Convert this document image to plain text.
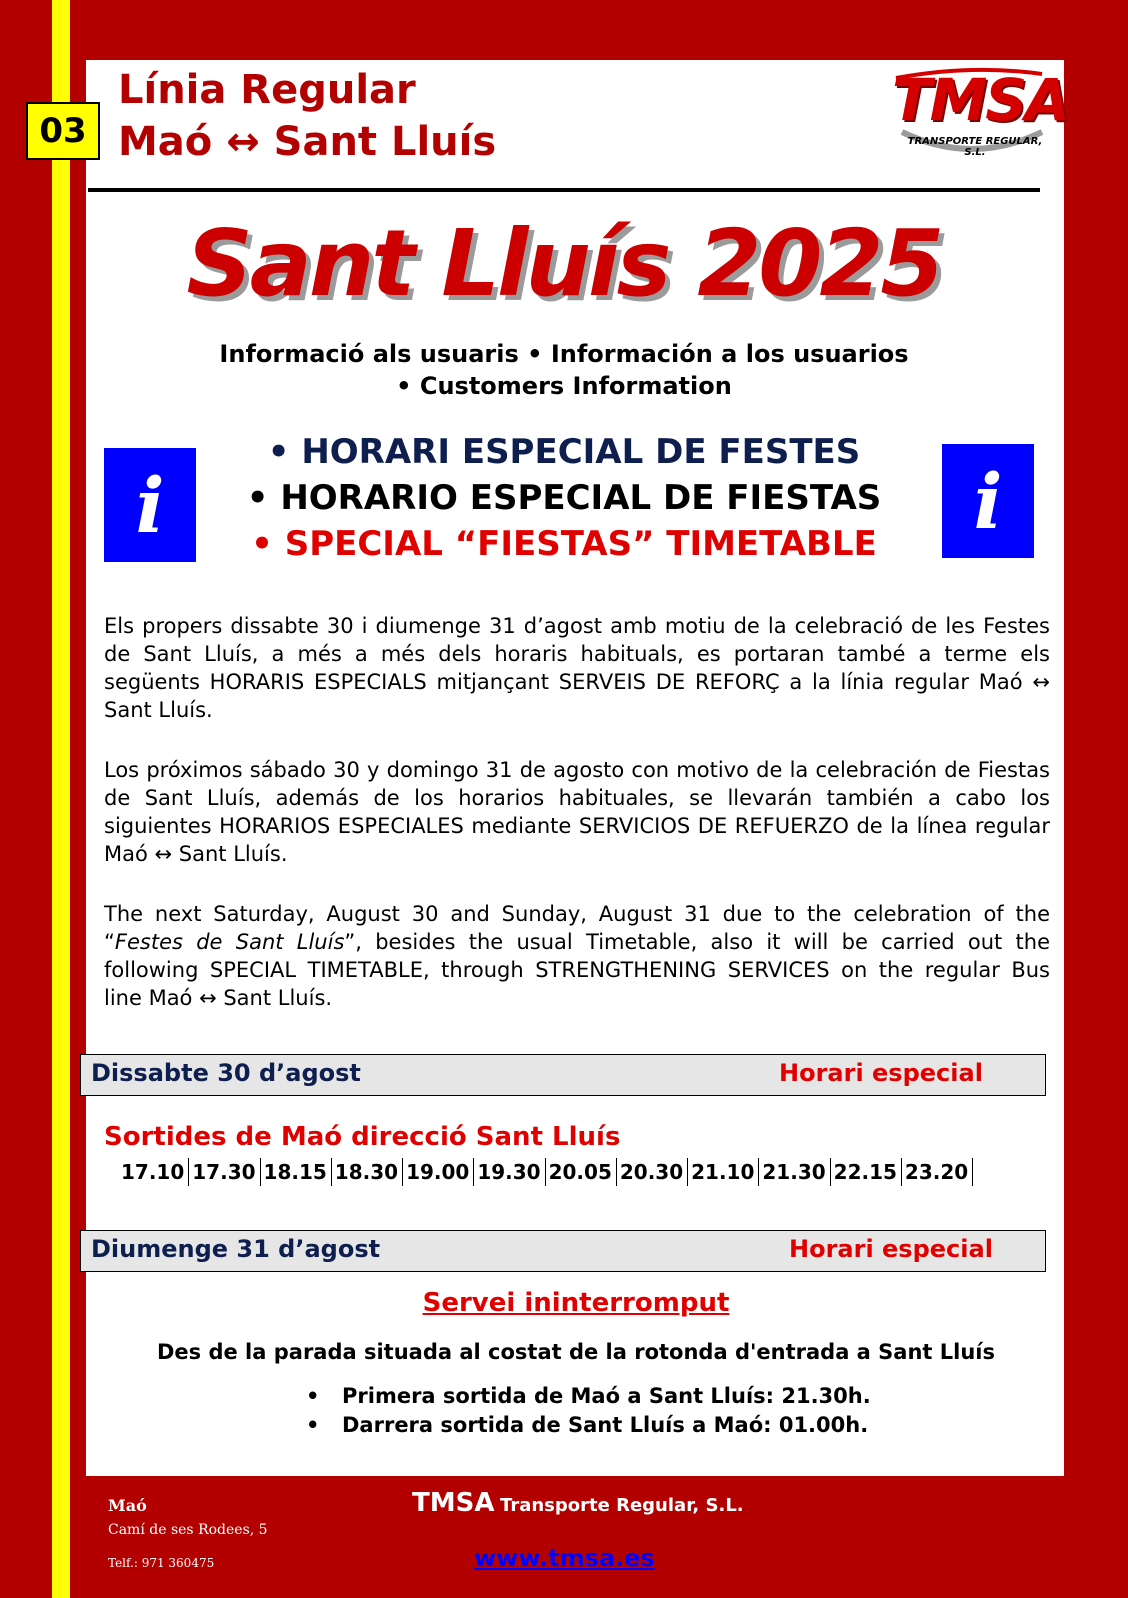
03
Línia Regular
Maó ↔ Sant Lluís
TMSA
TRANSPORTE REGULAR, S.L.
Sant Lluís 2025
Informació als usuaris • Información a los usuarios
• Customers Information
i	i
• HORARI ESPECIAL DE FESTES
• HORARIO ESPECIAL DE FIESTAS
• SPECIAL “FIESTAS” TIMETABLE

Els propers dissabte 30 i diumenge 31 d’agost amb motiu de la celebració de les Festes de Sant Lluís, a més a més dels horaris habituals, es portaran també a terme els següents HORARIS ESPECIALS mitjançant SERVEIS DE REFORÇ a la línia regular Maó ↔ Sant Lluís.

Los próximos sábado 30 y domingo 31 de agosto con motivo de la celebración de Fiestas de Sant Lluís, además de los horarios habituales, se llevarán también a cabo los siguientes HORARIOS ESPECIALES mediante SERVICIOS DE REFUERZO de la línea regular Maó ↔ Sant Lluís.

The next Saturday, August 30 and Sunday, August 31 due to the celebration of the “Festes de Sant Lluís”, besides the usual Timetable, also it will be carried out the following SPECIAL TIMETABLE, through STRENGTHENING SERVICES on the regular Bus line Maó ↔ Sant Lluís.

Dissabte 30 d’agost	Horari especial
Sortides de Maó direcció Sant Lluís
17.10 17.30 18.15 18.30 19.00 19.30 20.05 20.30 21.10 21.30 22.15 23.20
Diumenge 31 d’agost	Horari especial
Servei ininterromput
Des de la parada situada al costat de la rotonda d'entrada a Sant Lluís
• Primera sortida de Maó a Sant Lluís: 21.30h.
• Darrera sortida de Sant Lluís a Maó: 01.00h.
Maó
Camí de ses Rodees, 5
Telf.: 971 360475
TMSA Transporte Regular, S.L.
www.tmsa.es
